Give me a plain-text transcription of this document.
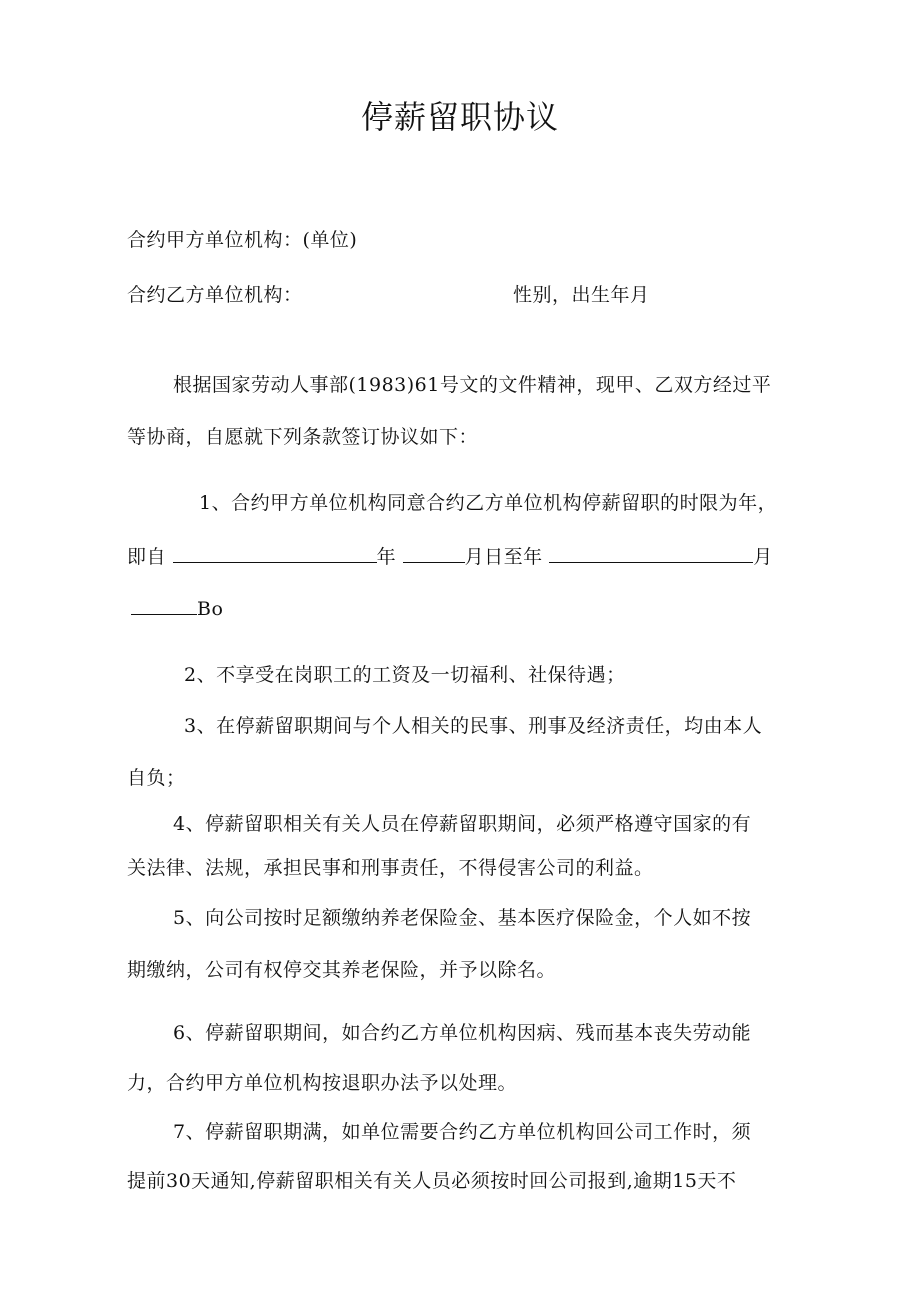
停薪留职协议
合约甲方单位机构：(单位)
合约乙方单位机构：	性别，出生年月
根据国家劳动人事部(1983)61号文的文件精神，现甲、乙双方经过平
等协商，自愿就下列条款签订协议如下：
1、合约甲方单位机构同意合约乙方单位机构停薪留职的时限为年，
即自	年	月日至年	月
Bo
2、不享受在岗职工的工资及一切福利、社保待遇；
3、在停薪留职期间与个人相关的民事、刑事及经济责任，均由本人
自负；
4、停薪留职相关有关人员在停薪留职期间，必须严格遵守国家的有
关法律、法规，承担民事和刑事责任，不得侵害公司的利益。
5、向公司按时足额缴纳养老保险金、基本医疗保险金，个人如不按
期缴纳，公司有权停交其养老保险，并予以除名。
6、停薪留职期间，如合约乙方单位机构因病、残而基本丧失劳动能
力，合约甲方单位机构按退职办法予以处理。
7、停薪留职期满，如单位需要合约乙方单位机构回公司工作时，须
提前30天通知,停薪留职相关有关人员必须按时回公司报到,逾期15天不
